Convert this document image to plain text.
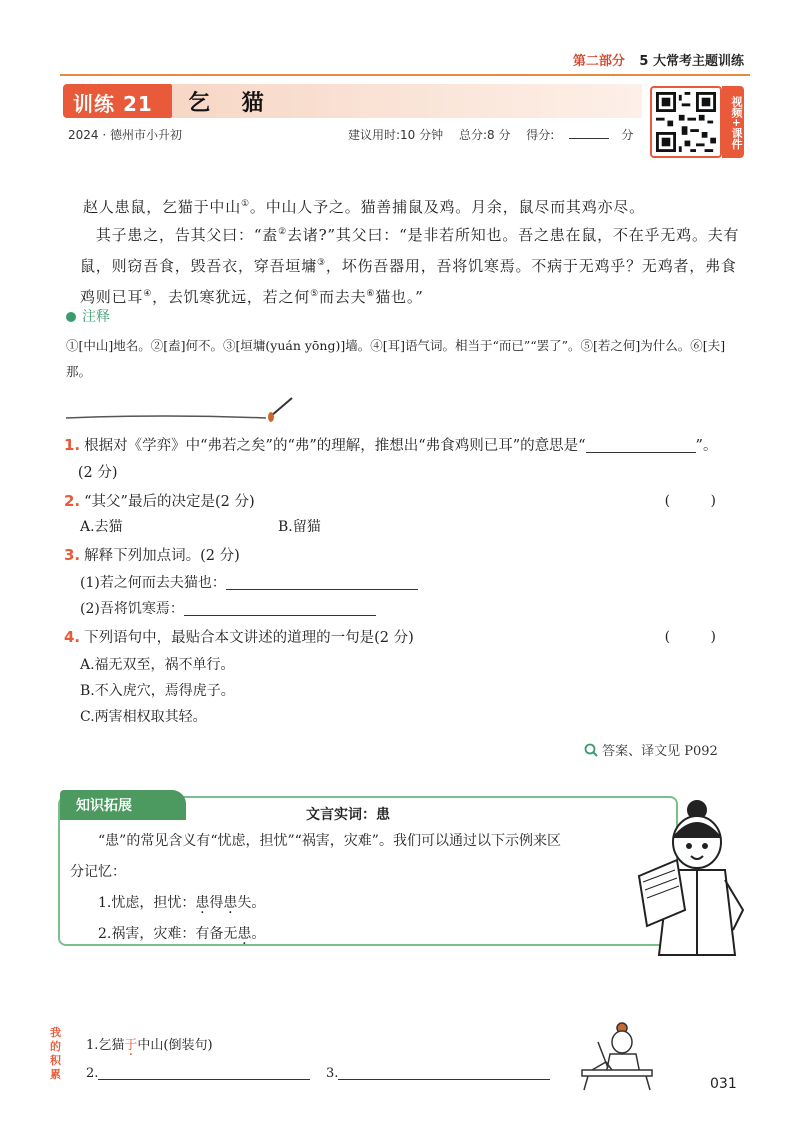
第二部分 5 大常考主题训练
训练 21	乞 猫
2024 · 德州市小升初	建议用时:10 分钟 总分:8 分 得分:	分	视频+课件
赵人患鼠，乞猫于中山①。中山人予之。猫善捕鼠及鸡。月余，鼠尽而其鸡亦尽。
　其子患之，告其父曰：“盍②去诸?”其父曰：“是非若所知也。吾之患在鼠，不在乎无鸡。夫有鼠，则窃吾食，毁吾衣，穿吾垣墉③，坏伤吾器用，吾将饥寒焉。不病于无鸡乎？无鸡者，弗食鸡则已耳④，去饥寒犹远，若之何⑤而去夫⑥猫也。”
注释
①[中山]地名。②[盍]何不。③[垣墉(yuán yōng)]墙。④[耳]语气词。相当于“而已”“罢了”。⑤[若之何]为什么。⑥[夫]那。
1. 根据对《学弈》中“弗若之矣”的“弗”的理解，推想出“弗食鸡则已耳”的意思是“	”。
(2 分)
2. “其父”最后的决定是(2 分)	( )
A.去猫	B.留猫
3. 解释下列加点词。(2 分)
(1)若之何而去夫猫也：
(2)吾将饥寒焉：
4. 下列语句中，最贴合本文讲述的道理的一句是(2 分)	( )
A.福无双至，祸不单行。
B.不入虎穴，焉得虎子。
C.两害相权取其轻。
答案、译文见 P092
知识拓展
文言实词：患
　　“患”的常见含义有“忧虑，担忧”“祸害，灾难”。我们可以通过以下示例来区
分记忆：
　　1.忧虑，担忧：患得患失。
　　2.祸害，灾难：有备无患。
我的积累
1.乞猫于中山(倒装句)
2.	3.
031
